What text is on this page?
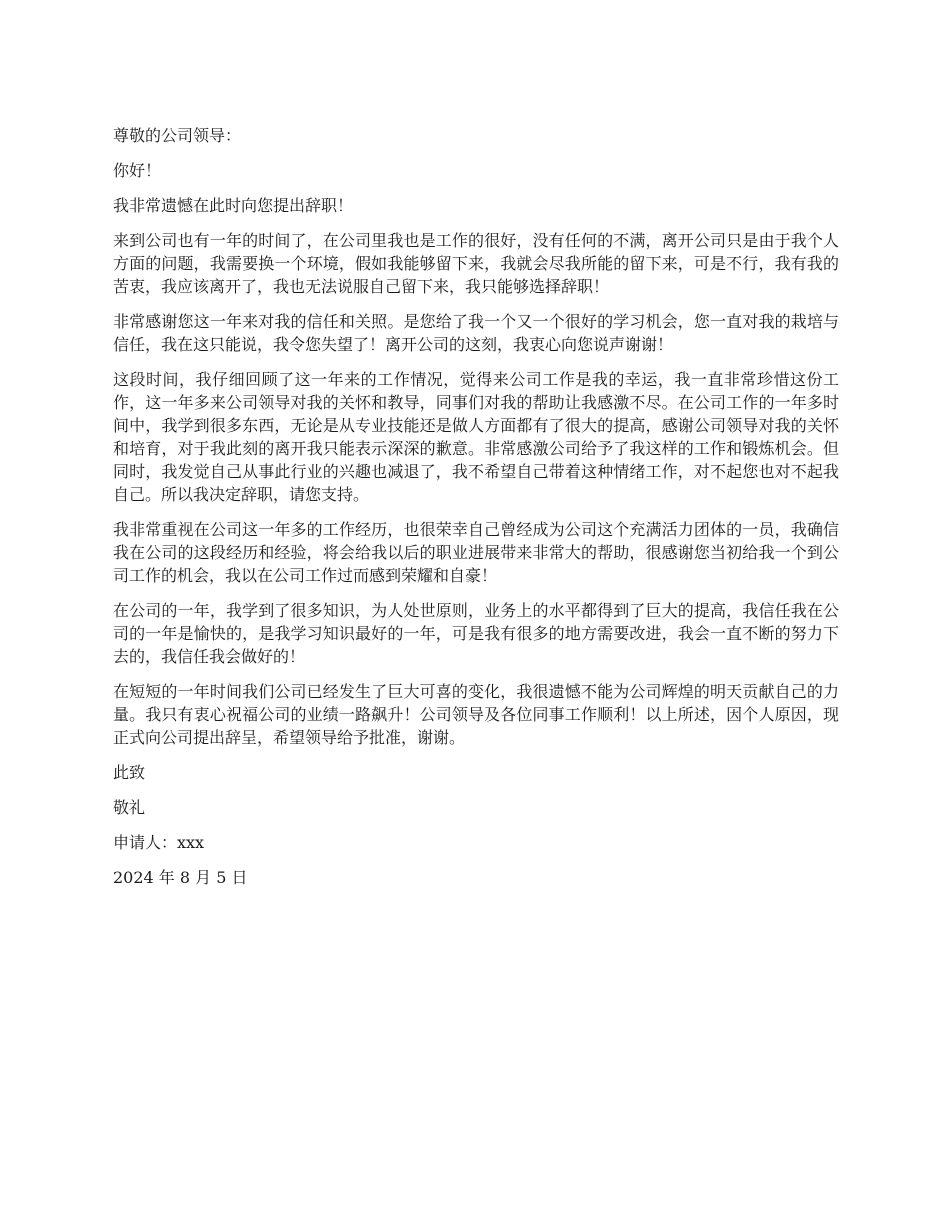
尊敬的公司领导：

你好！

我非常遗憾在此时向您提出辞职！

来到公司也有一年的时间了，在公司里我也是工作的很好，没有任何的不满，离开公司只是由于我个人方面的问题，我需要换一个环境，假如我能够留下来，我就会尽我所能的留下来，可是不行，我有我的苦衷，我应该离开了，我也无法说服自己留下来，我只能够选择辞职！

非常感谢您这一年来对我的信任和关照。是您给了我一个又一个很好的学习机会，您一直对我的栽培与信任，我在这只能说，我令您失望了！离开公司的这刻，我衷心向您说声谢谢！

这段时间，我仔细回顾了这一年来的工作情况，觉得来公司工作是我的幸运，我一直非常珍惜这份工作，这一年多来公司领导对我的关怀和教导，同事们对我的帮助让我感激不尽。在公司工作的一年多时间中，我学到很多东西，无论是从专业技能还是做人方面都有了很大的提高，感谢公司领导对我的关怀和培育，对于我此刻的离开我只能表示深深的歉意。非常感激公司给予了我这样的工作和锻炼机会。但同时，我发觉自己从事此行业的兴趣也减退了，我不希望自己带着这种情绪工作，对不起您也对不起我自己。所以我决定辞职，请您支持。

我非常重视在公司这一年多的工作经历，也很荣幸自己曾经成为公司这个充满活力团体的一员，我确信我在公司的这段经历和经验，将会给我以后的职业进展带来非常大的帮助，很感谢您当初给我一个到公司工作的机会，我以在公司工作过而感到荣耀和自豪！

在公司的一年，我学到了很多知识，为人处世原则，业务上的水平都得到了巨大的提高，我信任我在公司的一年是愉快的，是我学习知识最好的一年，可是我有很多的地方需要改进，我会一直不断的努力下去的，我信任我会做好的！

在短短的一年时间我们公司已经发生了巨大可喜的变化，我很遗憾不能为公司辉煌的明天贡献自己的力量。我只有衷心祝福公司的业绩一路飙升！公司领导及各位同事工作顺利！以上所述，因个人原因，现正式向公司提出辞呈，希望领导给予批准，谢谢。

此致

敬礼

申请人：xxx

2024 年 8 月 5 日
